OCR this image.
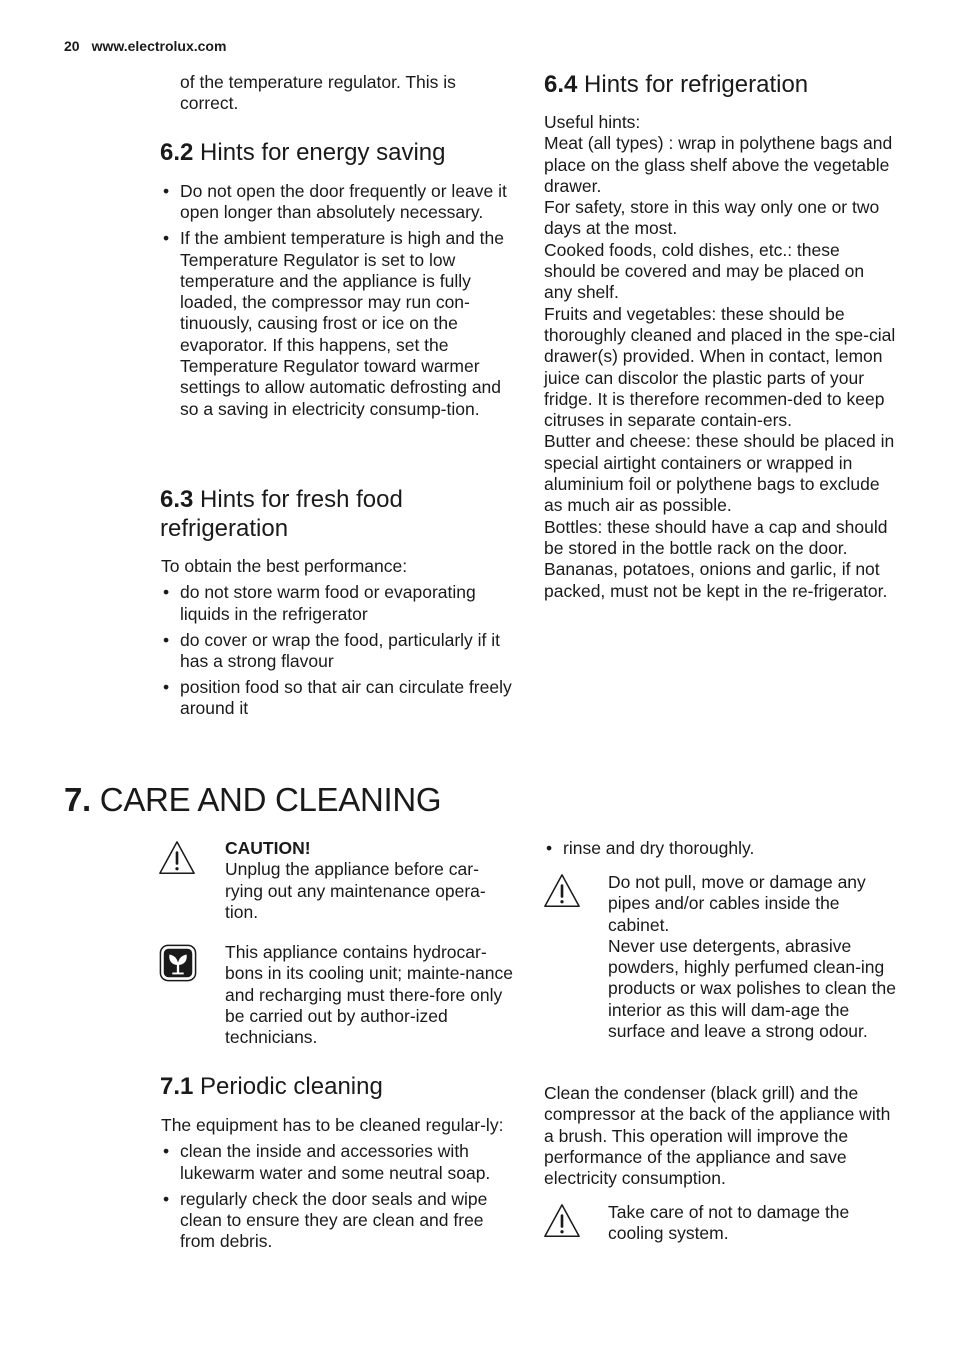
20 www.electrolux.com

of the temperature regulator. This is correct.

6.2 Hints for energy saving
• Do not open the door frequently or leave it open longer than absolutely necessary.
• If the ambient temperature is high and the Temperature Regulator is set to low temperature and the appliance is fully loaded, the compressor may run con-tinuously, causing frost or ice on the evaporator. If this happens, set the Temperature Regulator toward warmer settings to allow automatic defrosting and so a saving in electricity consump-tion.
6.3 Hints for fresh food
refrigeration

To obtain the best performance:

• do not store warm food or evaporating liquids in the refrigerator
• do cover or wrap the food, particularly if it has a strong flavour
• position food so that air can circulate freely around it
6.4 Hints for refrigeration

Useful hints:

Meat (all types) : wrap in polythene bags and place on the glass shelf above the vegetable drawer.

For safety, store in this way only one or two days at the most.

Cooked foods, cold dishes, etc.: these should be covered and may be placed on any shelf.

Fruits and vegetables: these should be thoroughly cleaned and placed in the spe-cial drawer(s) provided. When in contact, lemon juice can discolor the plastic parts of your fridge. It is therefore recommen-ded to keep citruses in separate contain-ers.

Butter and cheese: these should be placed in special airtight containers or wrapped in aluminium foil or polythene bags to exclude as much air as possible.

Bottles: these should have a cap and should be stored in the bottle rack on the door.

Bananas, potatoes, onions and garlic, if not packed, must not be kept in the re-frigerator.

7. CARE AND CLEANING

CAUTION!

Unplug the appliance before car-rying out any maintenance opera-tion.

This appliance contains hydrocar-bons in its cooling unit; mainte-nance and recharging must there-fore only be carried out by author-ized technicians.

7.1 Periodic cleaning

The equipment has to be cleaned regular-ly:

• clean the inside and accessories with lukewarm water and some neutral soap.
• regularly check the door seals and wipe clean to ensure they are clean and free from debris.
• rinse and dry thoroughly.

Do not pull, move or damage any pipes and/or cables inside the cabinet.

Never use detergents, abrasive powders, highly perfumed clean-ing products or wax polishes to clean the interior as this will dam-age the surface and leave a strong odour.

Clean the condenser (black grill) and the compressor at the back of the appliance with a brush. This operation will improve the performance of the appliance and save electricity consumption.

Take care of not to damage the cooling system.
